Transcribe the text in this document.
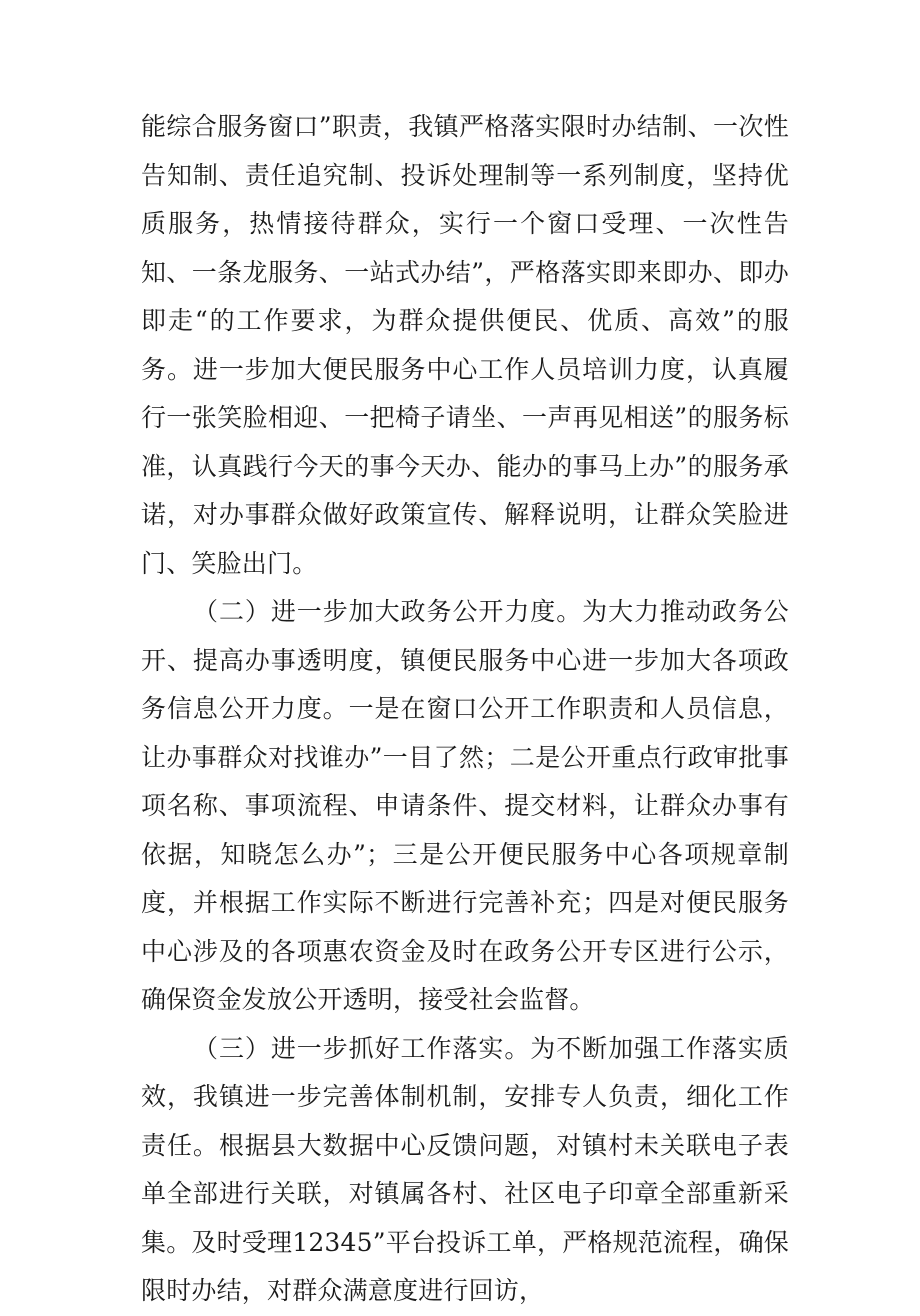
能综合服务窗口”职责，我镇严格落实限时办结制、一次性告知制、责任追究制、投诉处理制等一系列制度，坚持优质服务，热情接待群众，实行一个窗口受理、一次性告知、一条龙服务、一站式办结”，严格落实即来即办、即办即走“的工作要求，为群众提供便民、优质、高效”的服务。进一步加大便民服务中心工作人员培训力度，认真履行一张笑脸相迎、一把椅子请坐、一声再见相送”的服务标准，认真践行今天的事今天办、能办的事马上办”的服务承诺，对办事群众做好政策宣传、解释说明，让群众笑脸进门、笑脸出门。

（二）进一步加大政务公开力度。为大力推动政务公开、提高办事透明度，镇便民服务中心进一步加大各项政务信息公开力度。一是在窗口公开工作职责和人员信息，让办事群众对找谁办”一目了然；二是公开重点行政审批事项名称、事项流程、申请条件、提交材料，让群众办事有依据，知晓怎么办”；三是公开便民服务中心各项规章制度，并根据工作实际不断进行完善补充；四是对便民服务中心涉及的各项惠农资金及时在政务公开专区进行公示，确保资金发放公开透明，接受社会监督。

（三）进一步抓好工作落实。为不断加强工作落实质效，我镇进一步完善体制机制，安排专人负责，细化工作责任。根据县大数据中心反馈问题，对镇村未关联电子表单全部进行关联，对镇属各村、社区电子印章全部重新采集。及时受理12345”平台投诉工单，严格规范流程，确保限时办结，对群众满意度进行回访，
